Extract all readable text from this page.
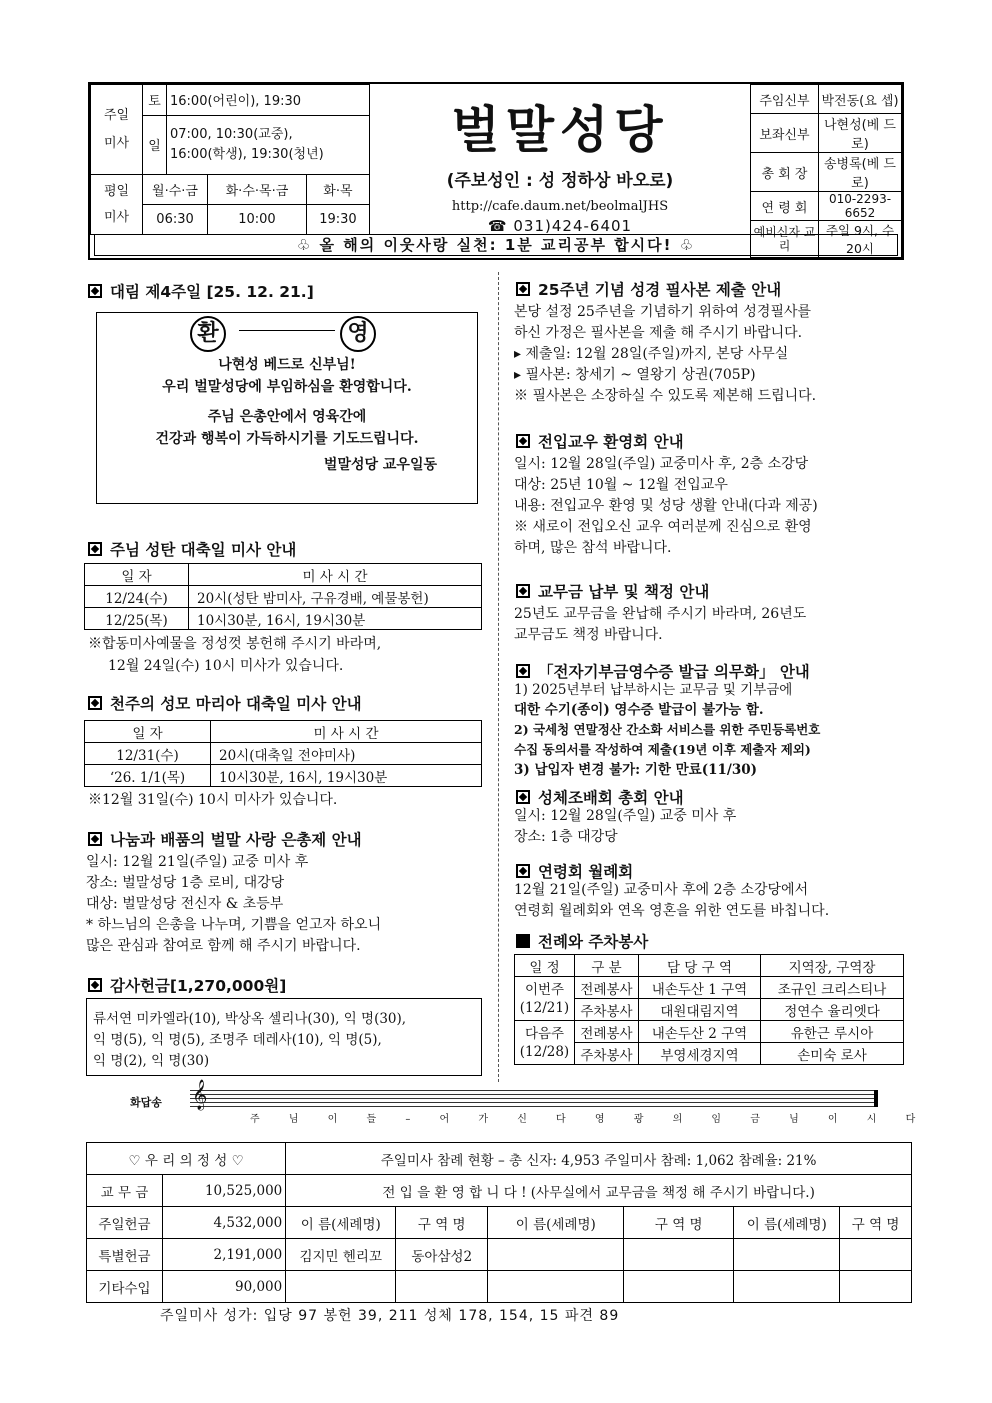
주일
미사	토	16:00(어린이), 19:30		
	일	07:00, 10:30(교중),
16:00(학생), 19:30(청년)		

평일
미사	월·수·금		화·수·목·금	화·목
	06:30		10:00	19:30
벌말성당
(주보성인 : 성 정하상 바오로)
http://cafe.daum.net/beolmalJHS
☎ 031)424-6401
주임신부	박전동(요 셉)
보좌신부	나현성(베 드 로)
총 회 장	송병록(베 드 로)
연 령 회	010-2293-6652
예비신자 교 리	주일 9시, 수 20시
♧ 올 해의 이웃사랑 실천: 1분 교리공부 합시다! ♧
대림 제4주일 [25. 12. 21.]
나현성 베드로 신부님!
우리 벌말성당에 부임하심을 환영합니다.
주님 은총안에서 영육간에
건강과 행복이 가득하시기를 기도드립니다.
벌말성당 교우일동
환	영
주님 성탄 대축일 미사 안내
일 자	미 사 시 간
12/24(수)	20시(성탄 밤미사, 구유경배, 예물봉헌)
12/25(목)	10시30분, 16시, 19시30분
※합동미사예물을 정성껏 봉헌해 주시기 바라며,
12월 24일(수) 10시 미사가 있습니다.
천주의 성모 마리아 대축일 미사 안내
일 자	미 사 시 간
12/31(수)	20시(대축일 전야미사)
‘26. 1/1(목)	10시30분, 16시, 19시30분
※12월 31일(수) 10시 미사가 있습니다.
나눔과 배품의 벌말 사랑 은총제 안내
일시: 12월 21일(주일) 교중 미사 후
장소: 벌말성당 1층 로비, 대강당
대상: 벌말성당 전신자 & 초등부
* 하느님의 은총을 나누며, 기쁨을 얻고자 하오니
많은 관심과 참여로 함께 해 주시기 바랍니다.
감사헌금[1,270,000원]
류서연 미카엘라(10), 박상옥 셀리나(30), 익 명(30),
익 명(5), 익 명(5), 조명주 데레사(10), 익 명(5),
익 명(2), 익 명(30)
25주년 기념 성경 필사본 제출 안내
본당 설정 25주년을 기념하기 위하여 성경필사를
하신 가정은 필사본을 제출 해 주시기 바랍니다.
▸ 제출일: 12월 28일(주일)까지, 본당 사무실
▸ 필사본: 창세기 ~ 열왕기 상권(705P)
※ 필사본은 소장하실 수 있도록 제본해 드립니다.
전입교우 환영회 안내
일시: 12월 28일(주일) 교중미사 후, 2층 소강당
대상: 25년 10월 ~ 12월 전입교우
내용: 전입교우 환영 및 성당 생활 안내(다과 제공)
※ 새로이 전입오신 교우 여러분께 진심으로 환영
하며, 많은 참석 바랍니다.
교무금 납부 및 책정 안내
25년도 교무금을 완납해 주시기 바라며, 26년도
교무금도 책정 바랍니다.
「전자기부금영수증 발급 의무화」 안내
1) 2025년부터 납부하시는 교무금 및 기부금에
대한 수기(종이) 영수증 발급이 불가능 함.
2) 국세청 연말정산 간소화 서비스를 위한 주민등록번호
수집 동의서를 작성하여 제출(19년 이후 제출자 제외)
3) 납입자 변경 불가: 기한 만료(11/30)
성체조배회 총회 안내
일시: 12월 28일(주일) 교중 미사 후
장소: 1층 대강당
연령회 월례회
12월 21일(주일) 교중미사 후에 2층 소강당에서
연령회 월례회와 연옥 영혼을 위한 연도를 바칩니다.
전례와 주차봉사
일 정	구 분	담 당 구 역	지역장, 구역장
이번주
(12/21)	전례봉사	내손두산 1 구역	조규인 크리스티나
	주차봉사	대원대림지역	정연수 율리엣다
다음주
(12/28)	전례봉사	내손두산 2 구역	유한근 루시아
	주차봉사	부영세경지역	손미숙 로사
화답송 𝄞
주 님 이 들 – 어 가 신 다 영 광 의 임 금 님 이 시 다
♡ 우 리 의 정 성 ♡		주일미사 참례 현황 – 총 신자: 4,953 주일미사 참례: 1,062 참례율: 21%					
교 무 금	10,525,000	전 입 을 환 영 합 니 다 ! (사무실에서 교무금을 책정 해 주시기 바랍니다.)					
주일헌금	4,532,000	이 름(세례명)	구 역 명	이 름(세례명)	구 역 명	이 름(세례명)	구 역 명
특별헌금	2,191,000	김지민 헨리꼬	동아삼성2				
기타수입	90,000						
주일미사 성가: 입당 97 봉헌 39, 211 성체 178, 154, 15 파견 89
